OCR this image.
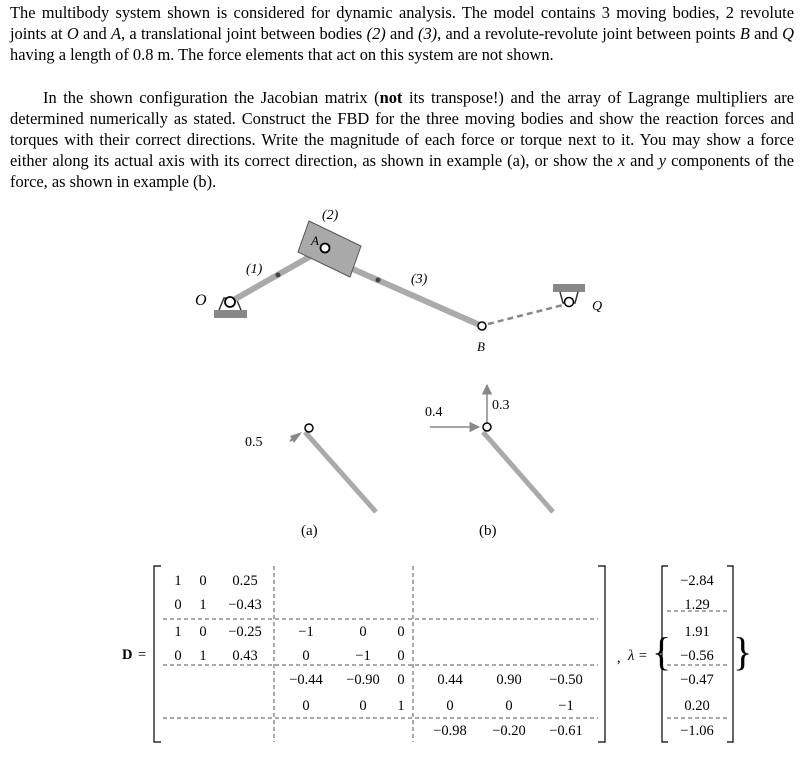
The multibody system shown is considered for dynamic analysis. The model contains 3 moving bodies, 2 revolute joints at O and A, a translational joint between bodies (2) and (3), and a revolute-revolute joint between points B and Q having a length of 0.8 m. The force elements that act on this system are not shown.

In the shown configuration the Jacobian matrix (not its transpose!) and the array of Lagrange multipliers are determined numerically as stated. Construct the FBD for the three moving bodies and show the reaction forces and torques with their correct directions. Write the magnitude of each force or torque next to it. You may show a force either along its actual axis with its correct direction, as shown in example (a), or show the x and y components of the force, as shown in example (b).

(2)
(1)
(3)
O
A
B
Q
0.5
0.4	0.3
(a)	(b)
D =
1
0
1
0
0
1
0
1
0.25
−0.43
−0.25
0.43
−1
0
−0.44
0
0
−1
−0.90
0
0
0
0
1
0.44
0
−0.98
0.90
0
−0.20
−0.50
−1
−0.61
, λ = { }
−2.84
1.29
1.91
−0.56
−0.47
0.20
−1.06
